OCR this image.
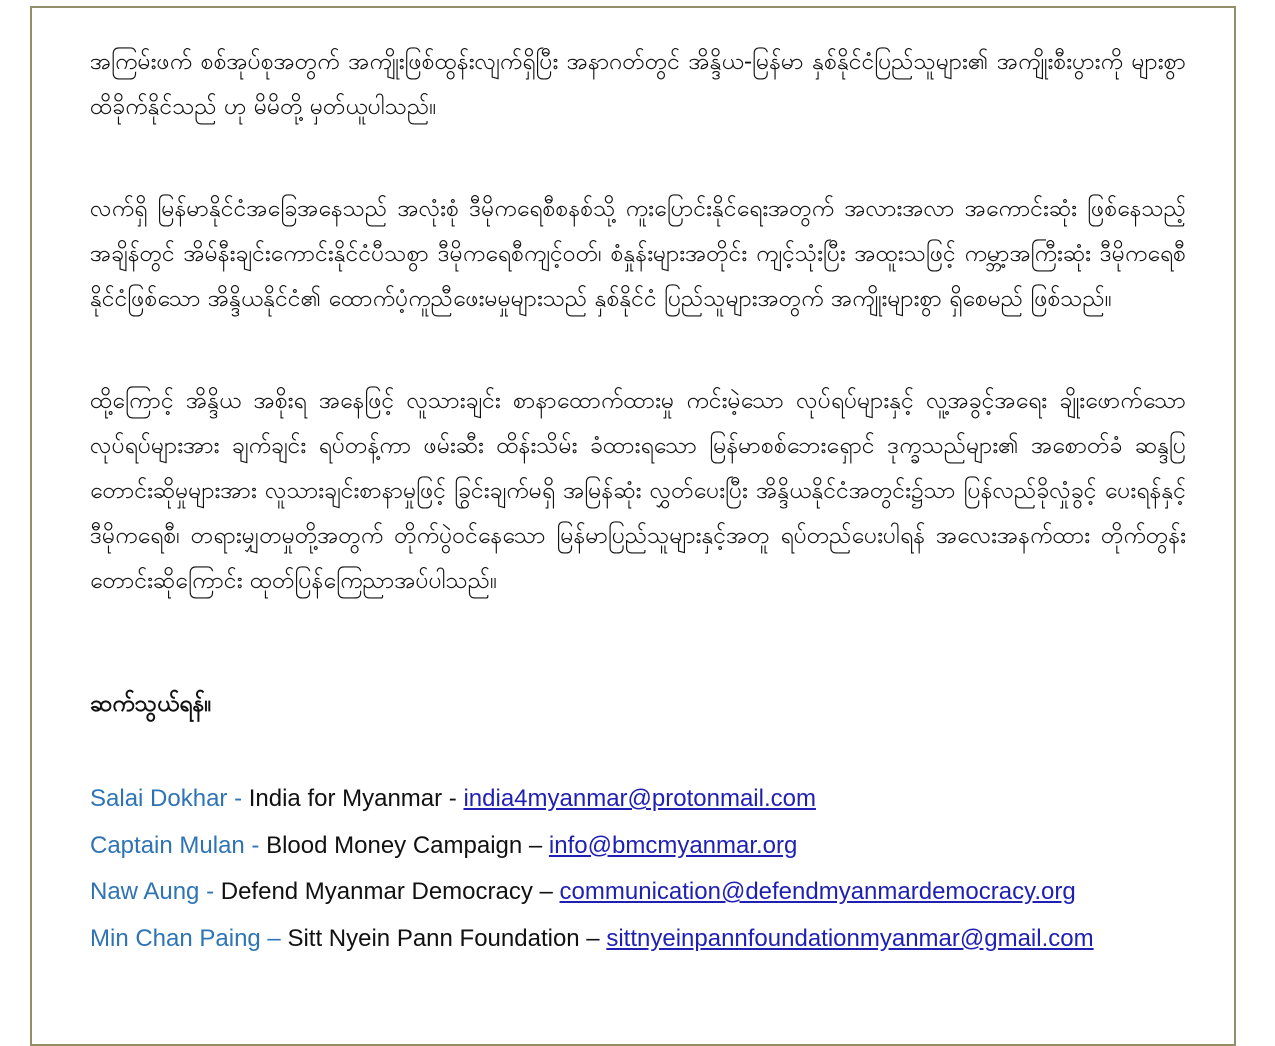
အကြမ်းဖက် စစ်အုပ်စုအတွက် အကျိုးဖြစ်ထွန်းလျက်ရှိပြီး အနာဂတ်တွင် အိန္ဒိယ-မြန်မာ နှစ်နိုင်ငံပြည်သူများ၏ အကျိုးစီးပွားကို များစွာ ထိခိုက်နိုင်သည် ဟု မိမိတို့ မှတ်ယူပါသည်။

လက်ရှိ မြန်မာနိုင်ငံအခြေအနေသည် အလုံးစုံ ဒီမိုကရေစီစနစ်သို့ ကူးပြောင်းနိုင်ရေးအတွက် အလားအလာ အကောင်းဆုံး ဖြစ်နေသည့်အချိန်တွင် အိမ်နီးချင်းကောင်းနိုင်ငံပီသစွာ ဒီမိုကရေစီကျင့်ဝတ်၊ စံနှုန်းများအတိုင်း ကျင့်သုံးပြီး အထူးသဖြင့် ကမ္ဘာ့အကြီးဆုံး ဒီမိုကရေစီနိုင်ငံဖြစ်သော အိန္ဒိယနိုင်ငံ၏ ထောက်ပံ့ကူညီဖေးမမှုများသည် နှစ်နိုင်ငံ ပြည်သူများအတွက် အကျိုးများစွာ ရှိစေမည် ဖြစ်သည်။

ထို့ကြောင့် အိန္ဒိယ အစိုးရ အနေဖြင့် လူသားချင်း စာနာထောက်ထားမှု ကင်းမဲ့သော လုပ်ရပ်များနှင့် လူ့အခွင့်အရေး ချိုးဖောက်သော လုပ်ရပ်များအား ချက်ချင်း ရပ်တန့်ကာ ဖမ်းဆီး ထိန်းသိမ်း ခံထားရသော မြန်မာစစ်ဘေးရှောင် ဒုက္ခသည်များ၏ အစောတ်ခံ ဆန္ဒပြ တောင်းဆိုမှုများအား လူသားချင်းစာနာမှုဖြင့် ခြွင်းချက်မရှိ အမြန်ဆုံး လွှတ်ပေးပြီး အိန္ဒိယနိုင်ငံအတွင်း၌သာ ပြန်လည်ခိုလှုံခွင့် ပေးရန်နှင့် ဒီမိုကရေစီ၊ တရားမျှတမှုတို့အတွက် တိုက်ပွဲဝင်နေသော မြန်မာပြည်သူများနှင့်အတူ ရပ်တည်ပေးပါရန် အလေးအနက်ထား တိုက်တွန်း တောင်းဆိုကြောင်း ထုတ်ပြန်ကြေညာအပ်ပါသည်။

ဆက်သွယ်ရန်။
Salai Dokhar - India for Myanmar - india4myanmar@protonmail.com
Captain Mulan - Blood Money Campaign – info@bmcmyanmar.org
Naw Aung - Defend Myanmar Democracy – communication@defendmyanmardemocracy.org
Min Chan Paing – Sitt Nyein Pann Foundation – sittnyeinpannfoundationmyanmar@gmail.com
